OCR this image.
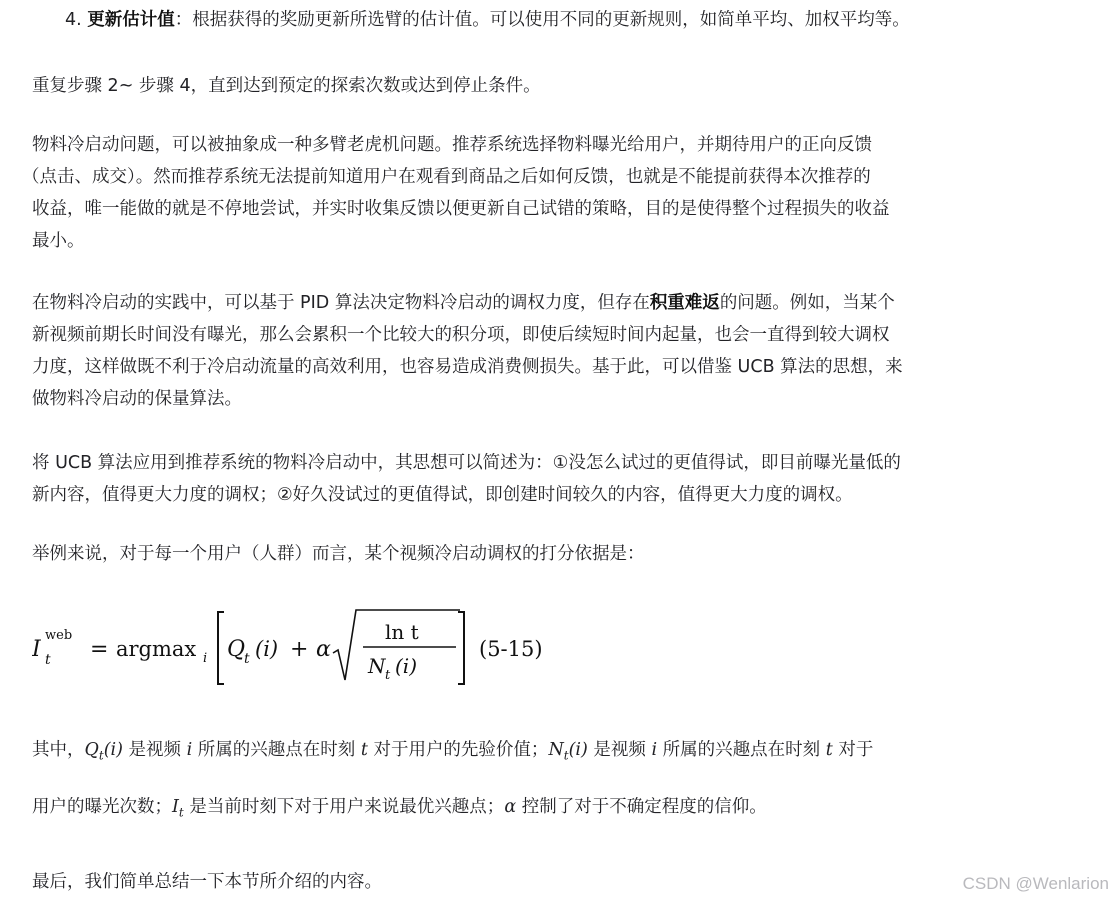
4. 更新估计值：根据获得的奖励更新所选臂的估计值。可以使用不同的更新规则，如简单平均、加权平均等。

重复步骤 2~ 步骤 4，直到达到预定的探索次数或达到停止条件。

物料冷启动问题，可以被抽象成一种多臂老虎机问题。推荐系统选择物料曝光给用户，并期待用户的正向反馈
（点击、成交）。然而推荐系统无法提前知道用户在观看到商品之后如何反馈，也就是不能提前获得本次推荐的
收益，唯一能做的就是不停地尝试，并实时收集反馈以便更新自己试错的策略，目的是使得整个过程损失的收益
最小。
在物料冷启动的实践中，可以基于 PID 算法决定物料冷启动的调权力度，但存在积重难返的问题。例如，当某个
新视频前期长时间没有曝光，那么会累积一个比较大的积分项，即使后续短时间内起量，也会一直得到较大调权
力度，这样做既不利于冷启动流量的高效利用，也容易造成消费侧损失。基于此，可以借鉴 UCB 算法的思想，来
做物料冷启动的保量算法。
将 UCB 算法应用到推荐系统的物料冷启动中，其思想可以简述为：①没怎么试过的更值得试，即目前曝光量低的
新内容，值得更大力度的调权；②好久没试过的更值得试，即创建时间较久的内容，值得更大力度的调权。

举例来说，对于每一个用户（人群）而言，某个视频冷启动调权的打分依据是：

I t
web
= argmax i Q
t (i) + α
ln t
N t (i)
(5-15)
其中，$Q_t(i)$ 是视频 i 所属的兴趣点在时刻 t 对于用户的先验价值；$N_t(i)$ 是视频 i 所属的兴趣点在时刻 t 对于
用户的曝光次数；$I_t$ 是当前时刻下对于用户来说最优兴趣点；α 控制了对于不确定程度的信仰。

最后，我们简单总结一下本节所介绍的内容。	CSDN @Wenlarion
